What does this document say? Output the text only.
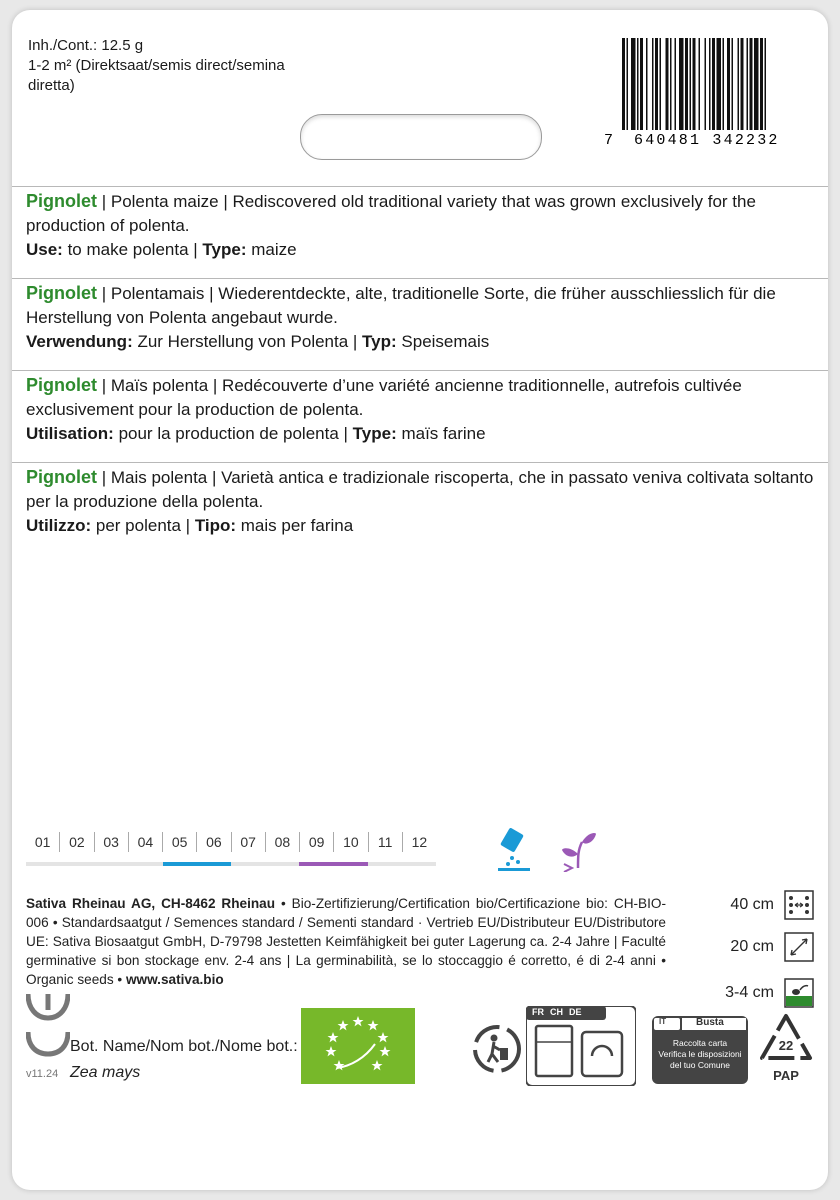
Inh./Cont.: 12.5 g
1-2 m² (Direktsaat/semis direct/semina
diretta)
7 640481 342232
Pignolet | Polenta maize | Rediscovered old traditional variety that was grown exclusively for the production of polenta.
Use: to make polenta | Type: maize
Pignolet | Polentamais | Wiederentdeckte, alte, traditionelle Sorte, die früher ausschliesslich für die Herstellung von Polenta angebaut wurde.
Verwendung: Zur Herstellung von Polenta | Typ: Speisemais
Pignolet | Maïs polenta | Redécouverte d’une variété ancienne traditionnelle, autrefois cultivée exclusivement pour la production de polenta.
Utilisation: pour la production de polenta | Type: maïs farine
Pignolet | Mais polenta | Varietà antica e tradizionale riscoperta, che in passato veniva coltivata soltanto per la produzione della polenta.
Utilizzo: per polenta | Tipo: mais per farina
01	02	03	04	05	06	07	08	09	10	11	12
Sativa Rheinau AG, CH-8462 Rheinau • Bio-Zertifizierung/Certification bio/Certificazione bio: CH-BIO-006 • Standardsaatgut / Semences standard / Sementi standard · Vertrieb EU/Distributeur EU/Distributore UE: Sativa Biosaatgut GmbH, D-79798 Jestetten Keimfähigkeit bei guter Lagerung ca. 2-4 Jahre | Faculté germinative si bon stockage env. 2-4 ans | La germinabilità, se lo stoccaggio é corretto, é di 2-4 anni • Organic seeds • www.sativa.bio
40 cm
20 cm
3-4 cm
v11.24
Bot. Name/Nom bot./Nome bot.:
Zea mays
FR CH DE
IT	Busta
Raccolta carta
Verifica le disposizioni
del tuo Comune
22
PAP
